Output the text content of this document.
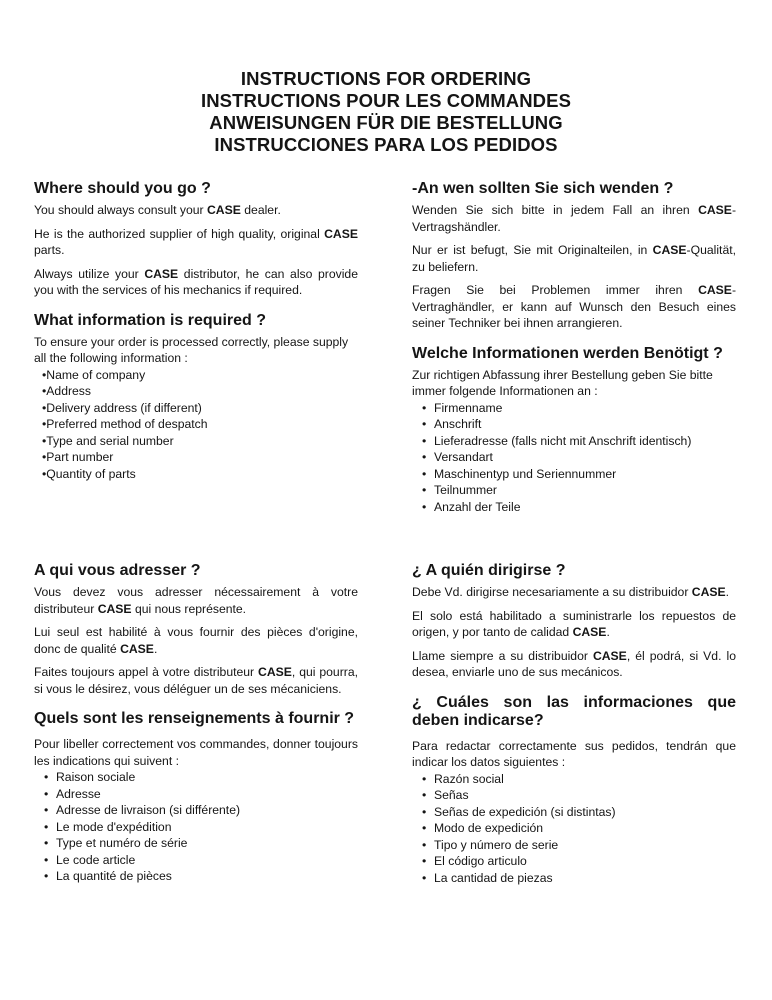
INSTRUCTIONS FOR ORDERING
INSTRUCTIONS POUR LES COMMANDES
ANWEISUNGEN FÜR DIE BESTELLUNG
INSTRUCCIONES PARA LOS PEDIDOS
Where should you go ?

You should always consult your CASE dealer.

He is the authorized supplier of high quality, original CASE parts.

Always utilize your CASE distributor, he can also provide you with the services of his mechanics if required.

What information is required ?

To ensure your order is processed correctly, please supply all the following information :

• Name of company
• Address
• Delivery address (if different)
• Preferred method of despatch
• Type and serial number
• Part number
• Quantity of parts
-An wen sollten Sie sich wenden ?

Wenden Sie sich bitte in jedem Fall an ihren CASE-Vertragshändler.

Nur er ist befugt, Sie mit Originalteilen, in CASE-Qualität, zu beliefern.

Fragen Sie bei Problemen immer ihren CASE-Vertraghändler, er kann auf Wunsch den Besuch eines seiner Techniker bei ihnen arrangieren.

Welche Informationen werden Benötigt ?

Zur richtigen Abfassung ihrer Bestellung geben Sie bitte immer folgende Informationen an :

• Firmenname
• Anschrift
• Lieferadresse (falls nicht mit Anschrift identisch)
• Versandart
• Maschinentyp und Seriennummer
• Teilnummer
• Anzahl der Teile
A qui vous adresser ?

Vous devez vous adresser nécessairement à votre distributeur CASE qui nous représente.

Lui seul est habilité à vous fournir des pièces d'origine, donc de qualité CASE.

Faites toujours appel à votre distributeur CASE, qui pourra, si vous le désirez, vous déléguer un de ses mécaniciens.

Quels sont les renseignements à fournir ?

Pour libeller correctement vos commandes, donner toujours les indications qui suivent :

• Raison sociale
• Adresse
• Adresse de livraison (si différente)
• Le mode d'expédition
• Type et numéro de série
• Le code article
• La quantité de pièces
¿ A quién dirigirse ?

Debe Vd. dirigirse necesariamente a su distribuidor CASE.

El solo está habilitado a suministrarle los repuestos de origen, y por tanto de calidad CASE.

Llame siempre a su distribuidor CASE, él podrá, si Vd. lo desea, enviarle uno de sus mecánicos.

¿ Cuáles son las informaciones que deben indicarse?

Para redactar correctamente sus pedidos, tendrán que indicar los datos siguientes :

• Razón social
• Señas
• Señas de expedición (si distintas)
• Modo de expedición
• Tipo y número de serie
• El código articulo
• La cantidad de piezas
